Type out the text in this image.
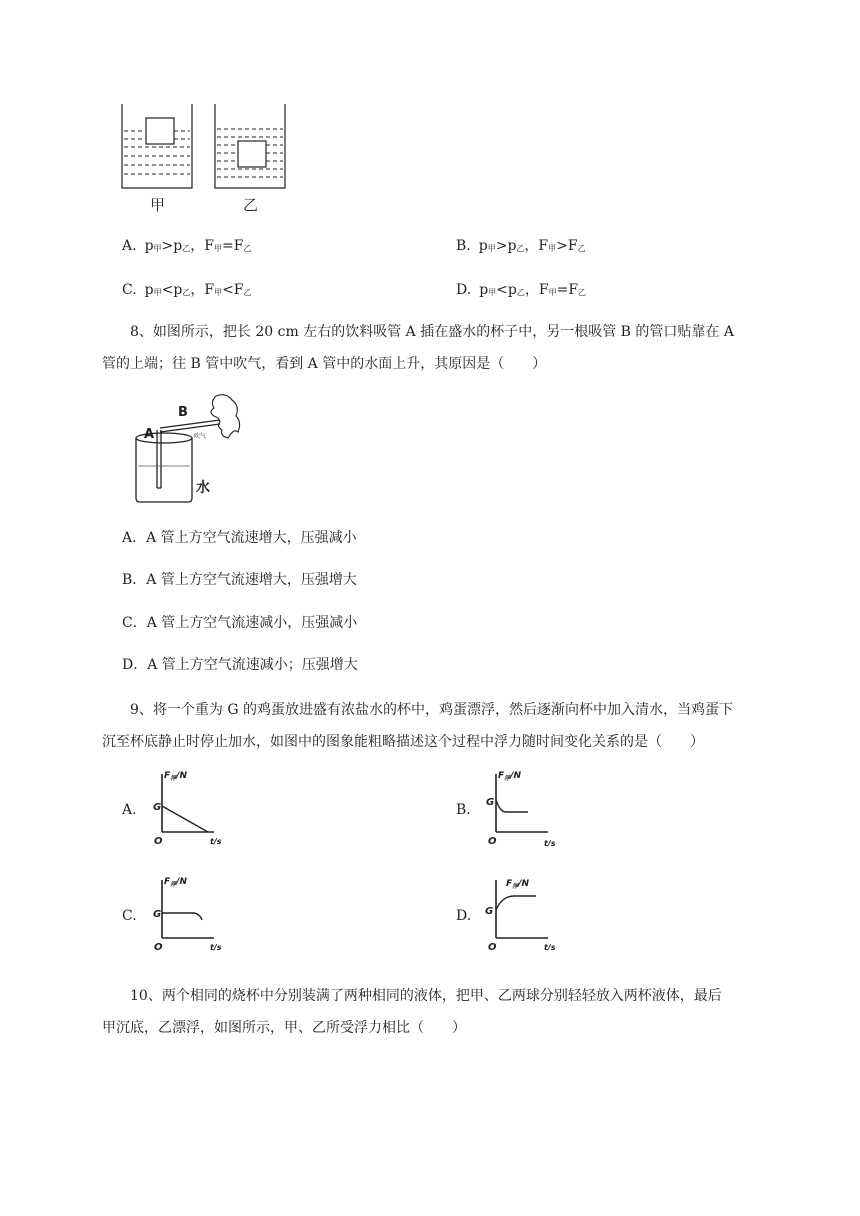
甲	乙
A. $p_甲>p_乙$，$F_甲=F_乙$	B. $p_甲>p_乙$，$F_甲>F_乙$
C. $p_甲<p_乙$，$F_甲<F_乙$	D. $p_甲<p_乙$，$F_甲=F_乙$
8、如图所示，把长 20 cm 左右的饮料吸管 A 插在盛水的杯子中，另一根吸管 B 的管口贴靠在 A
管的上端；往 B 管中吹气，看到 A 管中的水面上升，其原因是（　　）
A
B
吹气
水
A．A 管上方空气流速增大，压强减小
B．A 管上方空气流速增大，压强增大
C．A 管上方空气流速减小，压强减小
D．A 管上方空气流速减小；压强增大
9、将一个重为 G 的鸡蛋放进盛有浓盐水的杯中，鸡蛋漂浮，然后逐渐向杯中加入清水，当鸡蛋下
沉至杯底静止时停止加水，如图中的图象能粗略描述这个过程中浮力随时间变化关系的是（　　）
A.	B.
C.	D.
$F_浮/N$
G
O	t/s
$F_浮/N$
G
O	t/s
$F_浮/N$
G
O	t/s
$F_浮/N$
G
O	t/s
10、两个相同的烧杯中分别装满了两种相同的液体，把甲、乙两球分别轻轻放入两杯液体，最后
甲沉底，乙漂浮，如图所示，甲、乙所受浮力相比（　　）
